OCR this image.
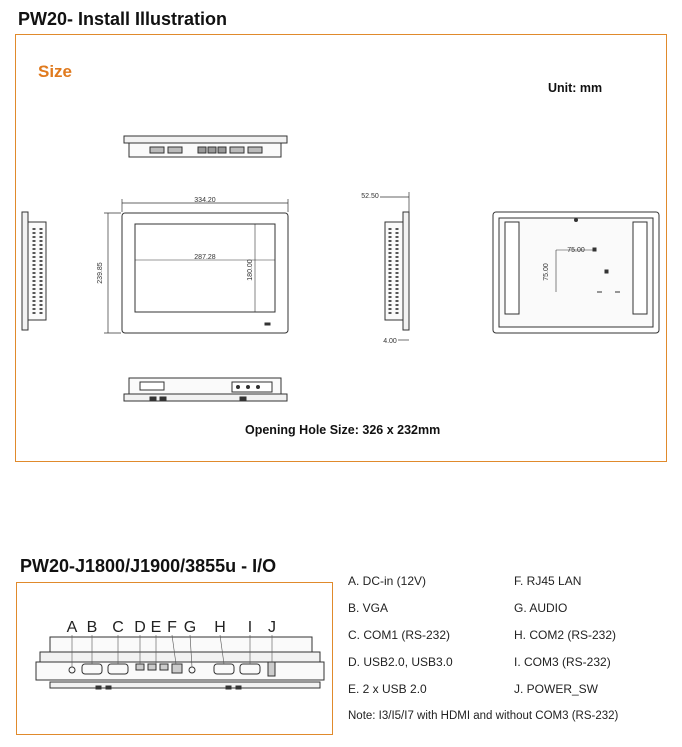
PW20- Install Illustration
Size
Unit: mm
334.20
239.85
287.28
180.00
52.50
4.00
75.00
75.00
Opening Hole Size: 326 x 232mm
PW20-J1800/J1900/3855u - I/O
A B C D E F G H I J
A. DC-in (12V)
B. VGA
C. COM1 (RS-232)
D. USB2.0, USB3.0
E. 2 x USB 2.0
F. RJ45 LAN
G. AUDIO
H. COM2 (RS-232)
I. COM3 (RS-232)
J. POWER_SW
Note: I3/I5/I7 with HDMI and without COM3 (RS-232)
